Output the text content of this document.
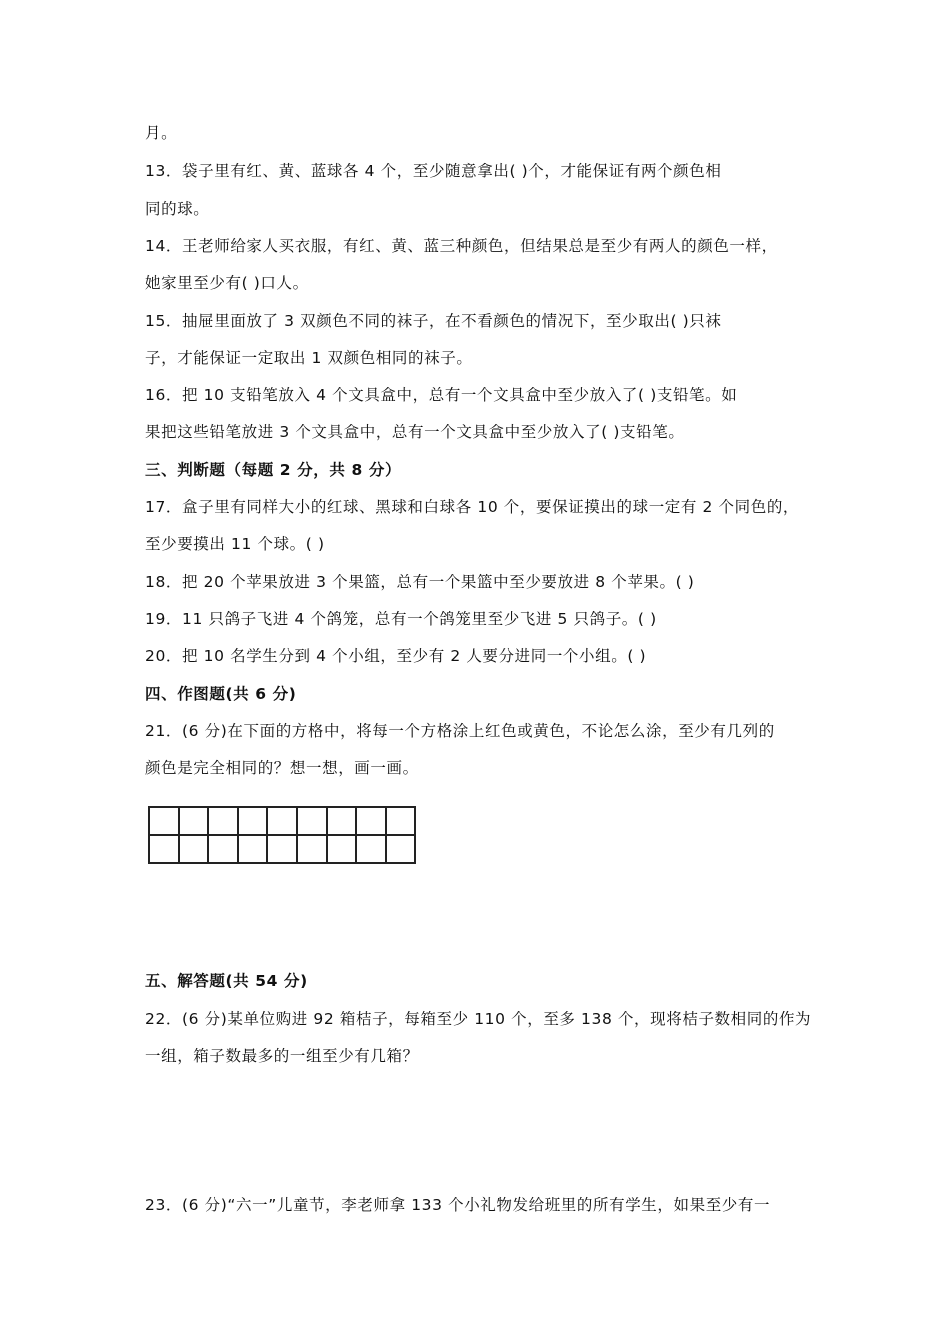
月。
13．袋子里有红、黄、蓝球各 4 个，至少随意拿出( )个，才能保证有两个颜色相
同的球。
14．王老师给家人买衣服，有红、黄、蓝三种颜色，但结果总是至少有两人的颜色一样，
她家里至少有( )口人。
15．抽屉里面放了 3 双颜色不同的袜子，在不看颜色的情况下，至少取出( )只袜
子，才能保证一定取出 1 双颜色相同的袜子。
16．把 10 支铅笔放入 4 个文具盒中，总有一个文具盒中至少放入了( )支铅笔。如
果把这些铅笔放进 3 个文具盒中，总有一个文具盒中至少放入了( )支铅笔。
三、判断题（每题 2 分，共 8 分）
17．盒子里有同样大小的红球、黑球和白球各 10 个，要保证摸出的球一定有 2 个同色的，
至少要摸出 11 个球。( )
18．把 20 个苹果放进 3 个果篮，总有一个果篮中至少要放进 8 个苹果。( )
19．11 只鸽子飞进 4 个鸽笼，总有一个鸽笼里至少飞进 5 只鸽子。( )
20．把 10 名学生分到 4 个小组，至少有 2 人要分进同一个小组。( )
四、作图题(共 6 分)
21．(6 分)在下面的方格中，将每一个方格涂上红色或黄色，不论怎么涂，至少有几列的
颜色是完全相同的？想一想，画一画。

五、解答题(共 54 分)
22．(6 分)某单位购进 92 箱桔子，每箱至少 110 个，至多 138 个，现将桔子数相同的作为
一组，箱子数最多的一组至少有几箱？
23．(6 分)“六一”儿童节，李老师拿 133 个小礼物发给班里的所有学生，如果至少有一
